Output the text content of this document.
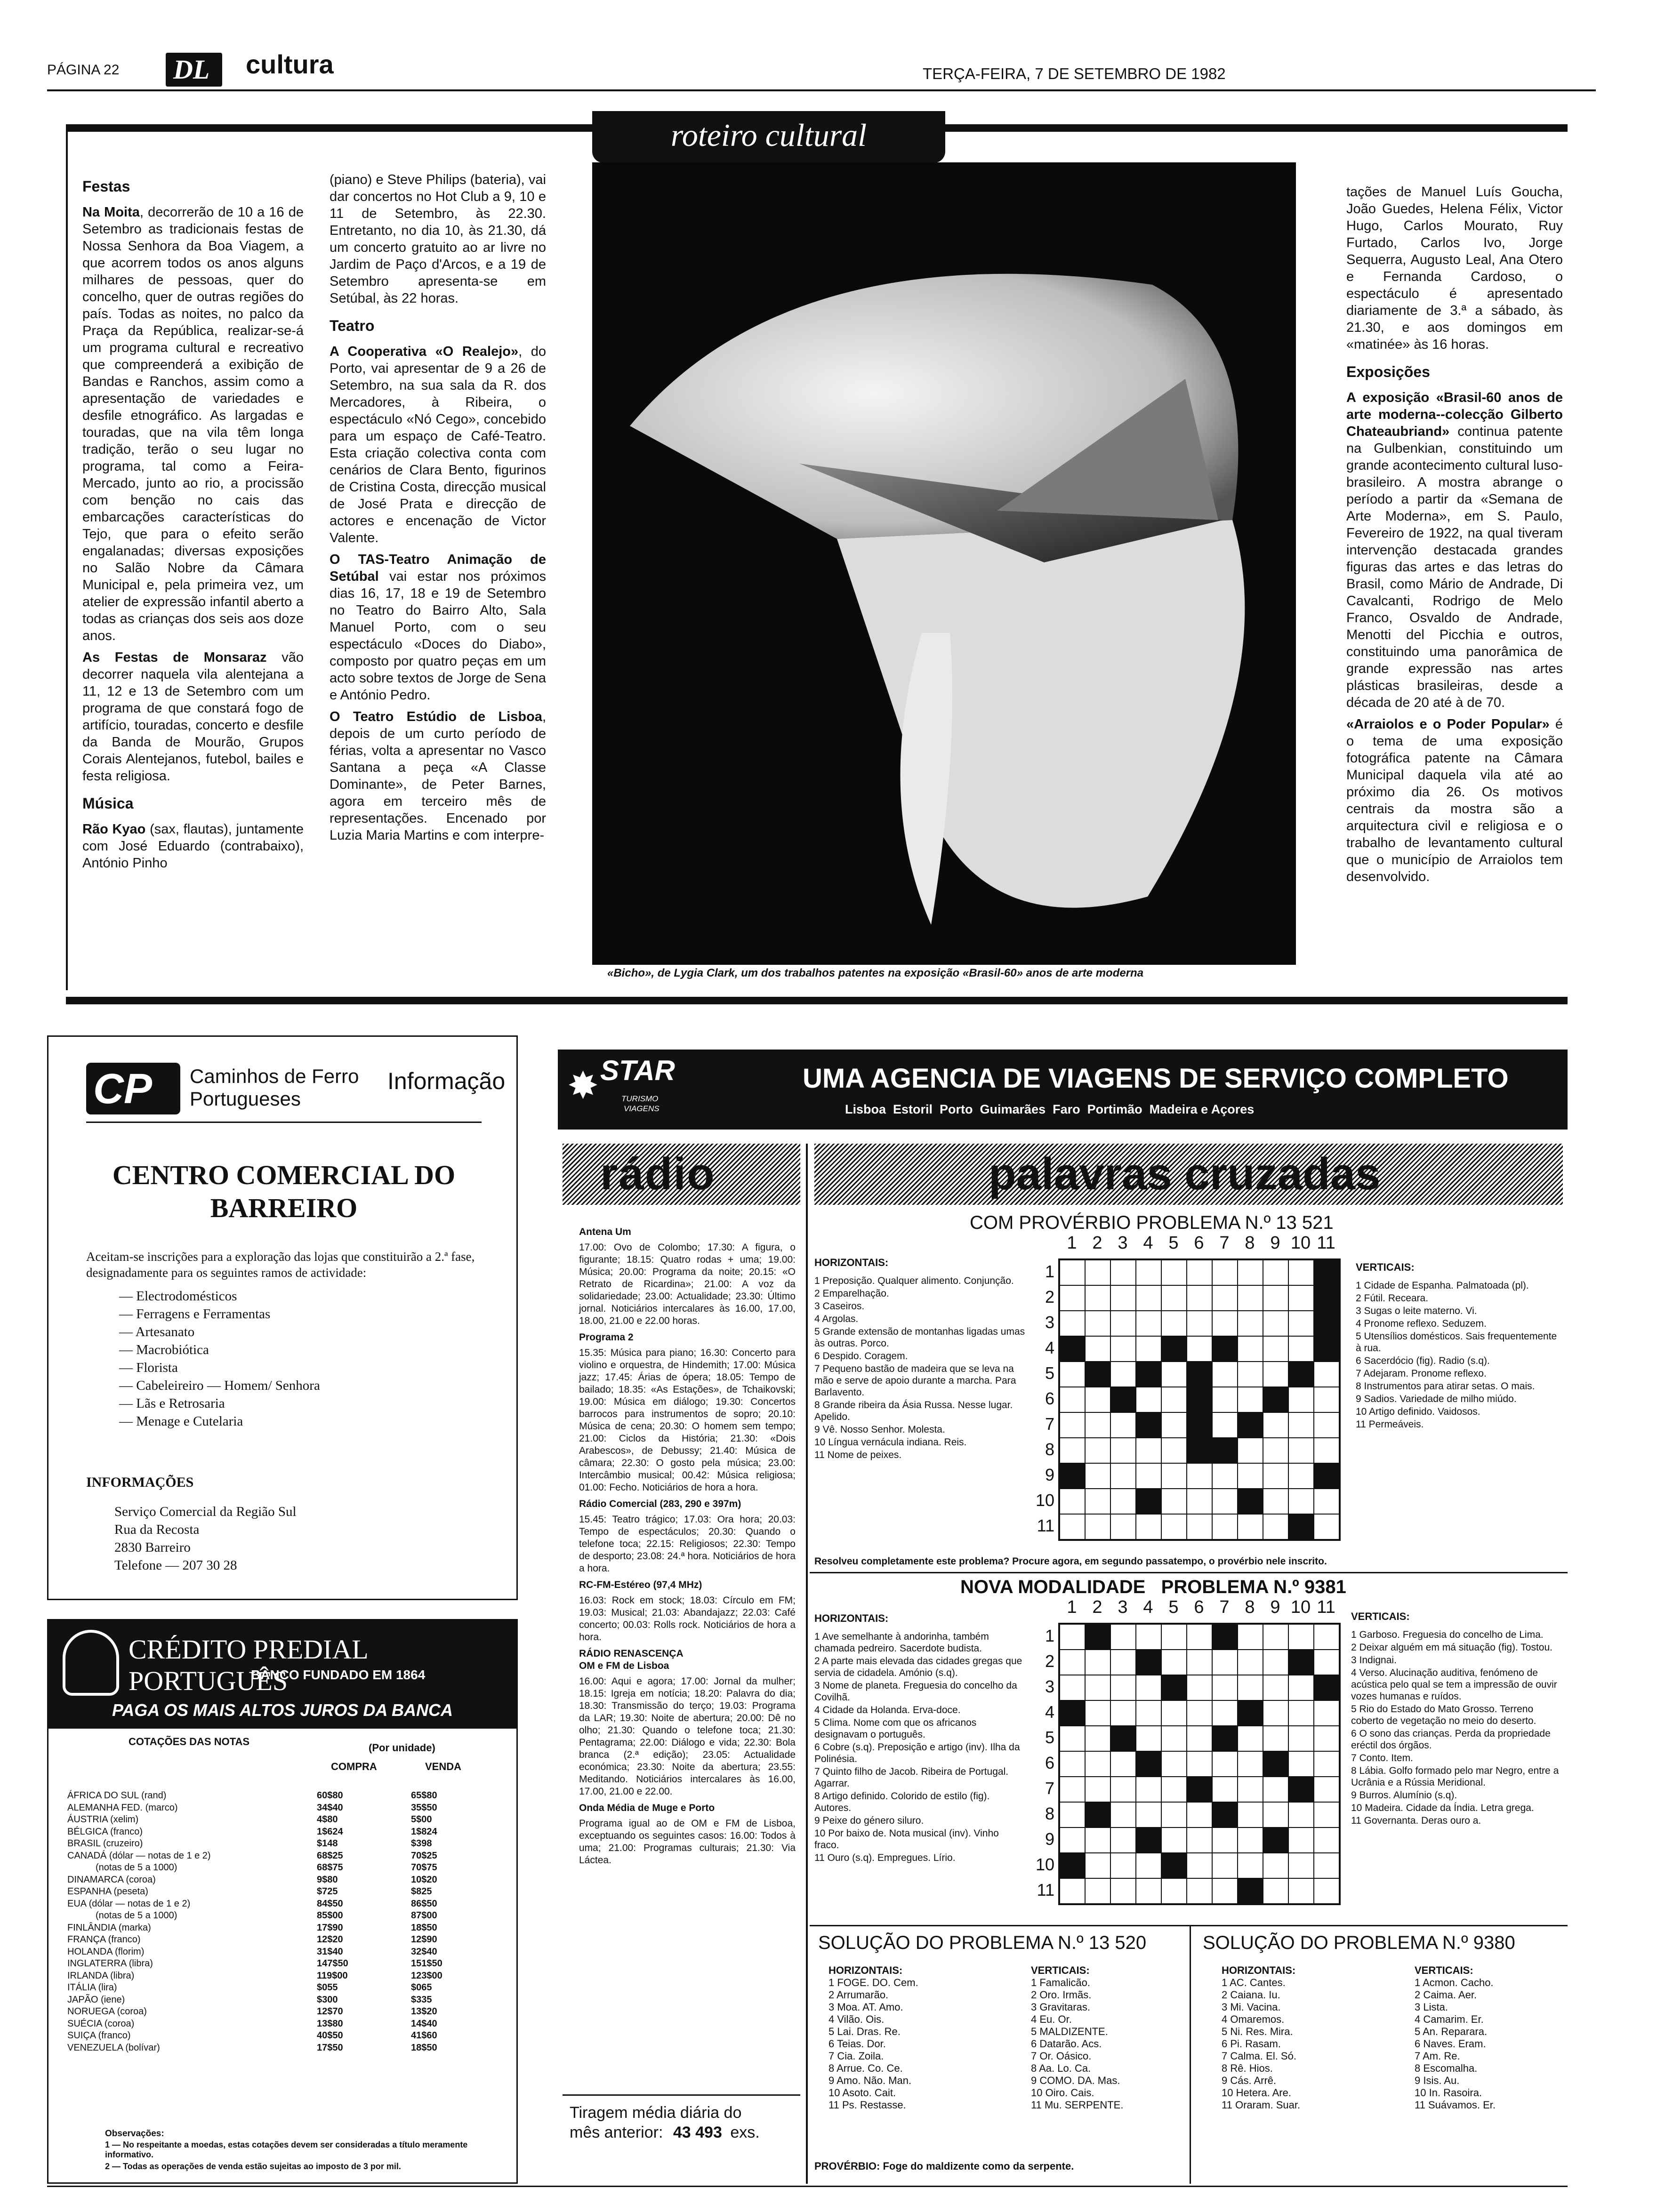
PÁGINA 22 DL cultura	TERÇA-FEIRA, 7 DE SETEMBRO DE 1982
roteiro cultural
Festas

Na Moita, decorrerão de 10 a 16 de Setembro as tradicionais festas de Nossa Senhora da Boa Viagem, a que acorrem todos os anos alguns milhares de pessoas, quer do concelho, quer de outras regiões do país. Todas as noites, no palco da Praça da República, realizar-se-á um programa cultural e recreativo que compreenderá a exibição de Bandas e Ranchos, assim como a apresentação de variedades e desfile etnográfico. As largadas e touradas, que na vila têm longa tradição, terão o seu lugar no programa, tal como a Feira-Mercado, junto ao rio, a procissão com benção no cais das embarcações características do Tejo, que para o efeito serão engalanadas; diversas exposições no Salão Nobre da Câmara Municipal e, pela primeira vez, um atelier de expressão infantil aberto a todas as crianças dos seis aos doze anos.

As Festas de Monsaraz vão decorrer naquela vila alentejana a 11, 12 e 13 de Setembro com um programa de que constará fogo de artifício, touradas, concerto e desfile da Banda de Mourão, Grupos Corais Alentejanos, futebol, bailes e festa religiosa.

Música

Rão Kyao (sax, flautas), juntamente com José Eduardo (contrabaixo), António Pinho

(piano) e Steve Philips (bateria), vai dar concertos no Hot Club a 9, 10 e 11 de Setembro, às 22.30. Entretanto, no dia 10, às 21.30, dá um concerto gratuito ao ar livre no Jardim de Paço d'Arcos, e a 19 de Setembro apresenta-se em Setúbal, às 22 horas.

Teatro

A Cooperativa «O Realejo», do Porto, vai apresentar de 9 a 26 de Setembro, na sua sala da R. dos Mercadores, à Ribeira, o espectáculo «Nó Cego», concebido para um espaço de Café-Teatro. Esta criação colectiva conta com cenários de Clara Bento, figurinos de Cristina Costa, direcção musical de José Prata e direcção de actores e encenação de Victor Valente.

O TAS-Teatro Animação de Setúbal vai estar nos próximos dias 16, 17, 18 e 19 de Setembro no Teatro do Bairro Alto, Sala Manuel Porto, com o seu espectáculo «Doces do Diabo», composto por quatro peças em um acto sobre textos de Jorge de Sena e António Pedro.

O Teatro Estúdio de Lisboa, depois de um curto período de férias, volta a apresentar no Vasco Santana a peça «A Classe Dominante», de Peter Barnes, agora em terceiro mês de representações. Encenado por Luzia Maria Martins e com interpre-

«Bicho», de Lygia Clark, um dos trabalhos patentes na exposição «Brasil-60» anos de arte moderna

tações de Manuel Luís Goucha, João Guedes, Helena Félix, Victor Hugo, Carlos Mourato, Ruy Furtado, Carlos Ivo, Jorge Sequerra, Augusto Leal, Ana Otero e Fernanda Cardoso, o espectáculo é apresentado diariamente de 3.ª a sábado, às 21.30, e aos domingos em «matinée» às 16 horas.

Exposições

A exposição «Brasil-60 anos de arte moderna--colecção Gilberto Chateaubriand» continua patente na Gulbenkian, constituindo um grande acontecimento cultural luso-brasileiro. A mostra abrange o período a partir da «Semana de Arte Moderna», em S. Paulo, Fevereiro de 1922, na qual tiveram intervenção destacada grandes figuras das artes e das letras do Brasil, como Mário de Andrade, Di Cavalcanti, Rodrigo de Melo Franco, Osvaldo de Andrade, Menotti del Picchia e outros, constituindo uma panorâmica de grande expressão nas artes plásticas brasileiras, desde a década de 20 até à de 70.

«Arraiolos e o Poder Popular» é o tema de uma exposição fotográfica patente na Câmara Municipal daquela vila até ao próximo dia 26. Os motivos centrais da mostra são a arquitectura civil e religiosa e o trabalho de levantamento cultural que o município de Arraiolos tem desenvolvido.

CP Caminhos de Ferro
Portugueses
Informação
CENTRO COMERCIAL DO
BARREIRO
Aceitam-se inscrições para a exploração das lojas que constituirão a 2.ª fase, designadamente para os seguintes ramos de actividade:
— Electrodomésticos
— Ferragens e Ferramentas
— Artesanato
— Macrobiótica
— Florista
— Cabeleireiro — Homem/ Senhora
— Lãs e Retrosaria
— Menage e Cutelaria
INFORMAÇÕES
Serviço Comercial da Região Sul
Rua da Recosta
2830 Barreiro
Telefone — 207 30 28
CRÉDITO PREDIAL PORTUGUÊS
BANCO FUNDADO EM 1864
PAGA OS MAIS ALTOS JUROS DA BANCA
COTAÇÕES DAS NOTAS
(Por unidade)
COMPRA	VENDA
ÁFRICA DO SUL (rand)	60$80	65$80
ALEMANHA FED. (marco)	34$40	35$50
ÁUSTRIA (xelim)	4$80	5$00
BÉLGICA (franco)	1$624	1$824
BRASIL (cruzeiro)	$148	$398
CANADÁ (dólar — notas de 1 e 2)	68$25	70$25
(notas de 5 a 1000)	68$75	70$75
DINAMARCA (coroa)	9$80	10$20
ESPANHA (peseta)	$725	$825
EUA (dólar — notas de 1 e 2)	84$50	86$50
(notas de 5 a 1000)	85$00	87$00
FINLÂNDIA (marka)	17$90	18$50
FRANÇA (franco)	12$20	12$90
HOLANDA (florim)	31$40	32$40
INGLATERRA (libra)	147$50	151$50
IRLANDA (libra)	119$00	123$00
ITÁLIA (lira)	$055	$065
JAPÃO (iene)	$300	$335
NORUEGA (coroa)	12$70	13$20
SUÉCIA (coroa)	13$80	14$40
SUIÇA (franco)	40$50	41$60
VENEZUELA (bolívar)	17$50	18$50
Observações:
1 — No respeitante a moedas, estas cotações devem ser consideradas a título meramente informativo.
2 — Todas as operações de venda estão sujeitas ao imposto de 3 por mil.
✸ STAR
TURISMO
VIAGENS
UMA AGENCIA DE VIAGENS DE SERVIÇO COMPLETO
Lisboa  Estoril  Porto  Guimarães  Faro  Portimão  Madeira e Açores
rádio
Antena Um
17.00: Ovo de Colombo; 17.30: A figura, o figurante; 18.15: Quatro rodas + uma; 19.00: Música; 20.00: Programa da noite; 20.15: «O Retrato de Ricardina»; 21.00: A voz da solidariedade; 23.00: Actualidade; 23.30: Último jornal. Noticiários intercalares às 16.00, 17.00, 18.00, 21.00 e 22.00 horas.
Programa 2
15.35: Música para piano; 16.30: Concerto para violino e orquestra, de Hindemith; 17.00: Música jazz; 17.45: Árias de ópera; 18.05: Tempo de bailado; 18.35: «As Estações», de Tchaikovski; 19.00: Música em diálogo; 19.30: Concertos barrocos para instrumentos de sopro; 20.10: Música de cena; 20.30: O homem sem tempo; 21.00: Ciclos da História; 21.30: «Dois Arabescos», de Debussy; 21.40: Música de câmara; 22.30: O gosto pela música; 23.00: Intercâmbio musical; 00.42: Música religiosa; 01.00: Fecho. Noticiários de hora a hora.
Rádio Comercial (283, 290 e 397m)
15.45: Teatro trágico; 17.03: Ora hora; 20.03: Tempo de espectáculos; 20.30: Quando o telefone toca; 22.15: Religiosos; 22.30: Tempo de desporto; 23.08: 24.ª hora. Noticiários de hora a hora.
RC-FM-Estéreo (97,4 MHz)
16.03: Rock em stock; 18.03: Círculo em FM; 19.03: Musical; 21.03: Abandajazz; 22.03: Café concerto; 00.03: Rolls rock. Noticiários de hora a hora.
RÁDIO RENASCENÇA
OM e FM de Lisboa
16.00: Aqui e agora; 17.00: Jornal da mulher; 18.15: Igreja em notícia; 18.20: Palavra do dia; 18.30: Transmissão do terço; 19.03: Programa da LAR; 19.30: Noite de abertura; 20.00: Dê no olho; 21.30: Quando o telefone toca; 21.30: Pentagrama; 22.00: Diálogo e vida; 22.30: Bola branca (2.ª edição); 23.05: Actualidade económica; 23.30: Noite da abertura; 23.55: Meditando. Noticiários intercalares às 16.00, 17.00, 21.00 e 22.00.
Onda Média de Muge e Porto
Programa igual ao de OM e FM de Lisboa, exceptuando os seguintes casos: 16.00: Todos à uma; 21.00: Programas culturais; 21.30: Via Láctea.
Tiragem média diária do
mês anterior: 43 493 exs.
palavras cruzadas
COM PROVÉRBIO PROBLEMA N.º 13 521
1 2 3 4 5 6 7 8 9 10 11
1
2
3
4
5
6
7
8
9
10
11
HORIZONTAIS:
1 Preposição. Qualquer alimento. Conjunção.
2 Emparelhação.
3 Caseiros.
4 Argolas.
5 Grande extensão de montanhas ligadas umas às outras. Porco.
6 Despido. Coragem.
7 Pequeno bastão de madeira que se leva na mão e serve de apoio durante a marcha. Para Barlavento.
8 Grande ribeira da Ásia Russa. Nesse lugar. Apelido.
9 Vê. Nosso Senhor. Molesta.
10 Língua vernácula indiana. Reis.
11 Nome de peixes.
VERTICAIS:
1 Cidade de Espanha. Palmatoada (pl).
2 Fútil. Receara.
3 Sugas o leite materno. Vi.
4 Pronome reflexo. Seduzem.
5 Utensílios domésticos. Sais frequentemente à rua.
6 Sacerdócio (fig). Radio (s.q).
7 Adejaram. Pronome reflexo.
8 Instrumentos para atirar setas. O mais.
9 Sadios. Variedade de milho miúdo.
10 Artigo definido. Vaidosos.
11 Permeáveis.
Resolveu completamente este problema? Procure agora, em segundo passatempo, o provérbio nele inscrito.
NOVA MODALIDADE   PROBLEMA N.º 9381
1 2 3 4 5 6 7 8 9 10 11
1
2
3
4
5
6
7
8
9
10
11
HORIZONTAIS:
1 Ave semelhante à andorinha, também chamada pedreiro. Sacerdote budista.
2 A parte mais elevada das cidades gregas que servia de cidadela. Amónio (s.q).
3 Nome de planeta. Freguesia do concelho da Covilhã.
4 Cidade da Holanda. Erva-doce.
5 Clima. Nome com que os africanos designavam o português.
6 Cobre (s.q). Preposição e artigo (inv). Ilha da Polinésia.
7 Quinto filho de Jacob. Ribeira de Portugal. Agarrar.
8 Artigo definido. Colorido de estilo (fig). Autores.
9 Peixe do género siluro.
10 Por baixo de. Nota musical (inv). Vinho fraco.
11 Ouro (s.q). Empregues. Lírio.
VERTICAIS:
1 Garboso. Freguesia do concelho de Lima.
2 Deixar alguém em má situação (fig). Tostou.
3 Indignai.
4 Verso. Alucinação auditiva, fenómeno de acústica pelo qual se tem a impressão de ouvir vozes humanas e ruídos.
5 Rio do Estado do Mato Grosso. Terreno coberto de vegetação no meio do deserto.
6 O sono das crianças. Perda da propriedade eréctil dos órgãos.
7 Conto. Item.
8 Lábia. Golfo formado pelo mar Negro, entre a Ucrânia e a Rússia Meridional.
9 Burros. Alumínio (s.q).
10 Madeira. Cidade da Índia. Letra grega.
11 Governanta. Deras ouro a.
SOLUÇÃO DO PROBLEMA N.º 13 520
HORIZONTAIS:
1 FOGE. DO. Cem.
2 Arrumarão.
3 Moa. AT. Amo.
4 Vilão. Ois.
5 Lai. Dras. Re.
6 Teias. Dor.
7 Cia. Zoila.
8 Arrue. Co. Ce.
9 Amo. Não. Man.
10 Asoto. Cait.
11 Ps. Restasse.
VERTICAIS:
1 Famalicão.
2 Oro. Irmãs.
3 Gravitaras.
4 Eu. Or.
5 MALDIZENTE.
6 Datarão. Acs.
7 Or. Oásico.
8 Aa. Lo. Ca.
9 COMO. DA. Mas.
10 Oiro. Cais.
11 Mu. SERPENTE.
PROVÉRBIO: Foge do maldizente como da serpente.
SOLUÇÃO DO PROBLEMA N.º 9380
HORIZONTAIS:
1 AC. Cantes.
2 Caiana. Iu.
3 Mi. Vacina.
4 Omaremos.
5 Ni. Res. Mira.
6 Pi. Rasam.
7 Calma. El. Só.
8 Rê. Hios.
9 Cás. Arrê.
10 Hetera. Are.
11 Oraram. Suar.
VERTICAIS:
1 Acmon. Cacho.
2 Caima. Aer.
3 Lista.
4 Camarim. Er.
5 An. Reparara.
6 Naves. Eram.
7 Am. Re.
8 Escomalha.
9 Isis. Au.
10 In. Rasoira.
11 Suávamos. Er.
